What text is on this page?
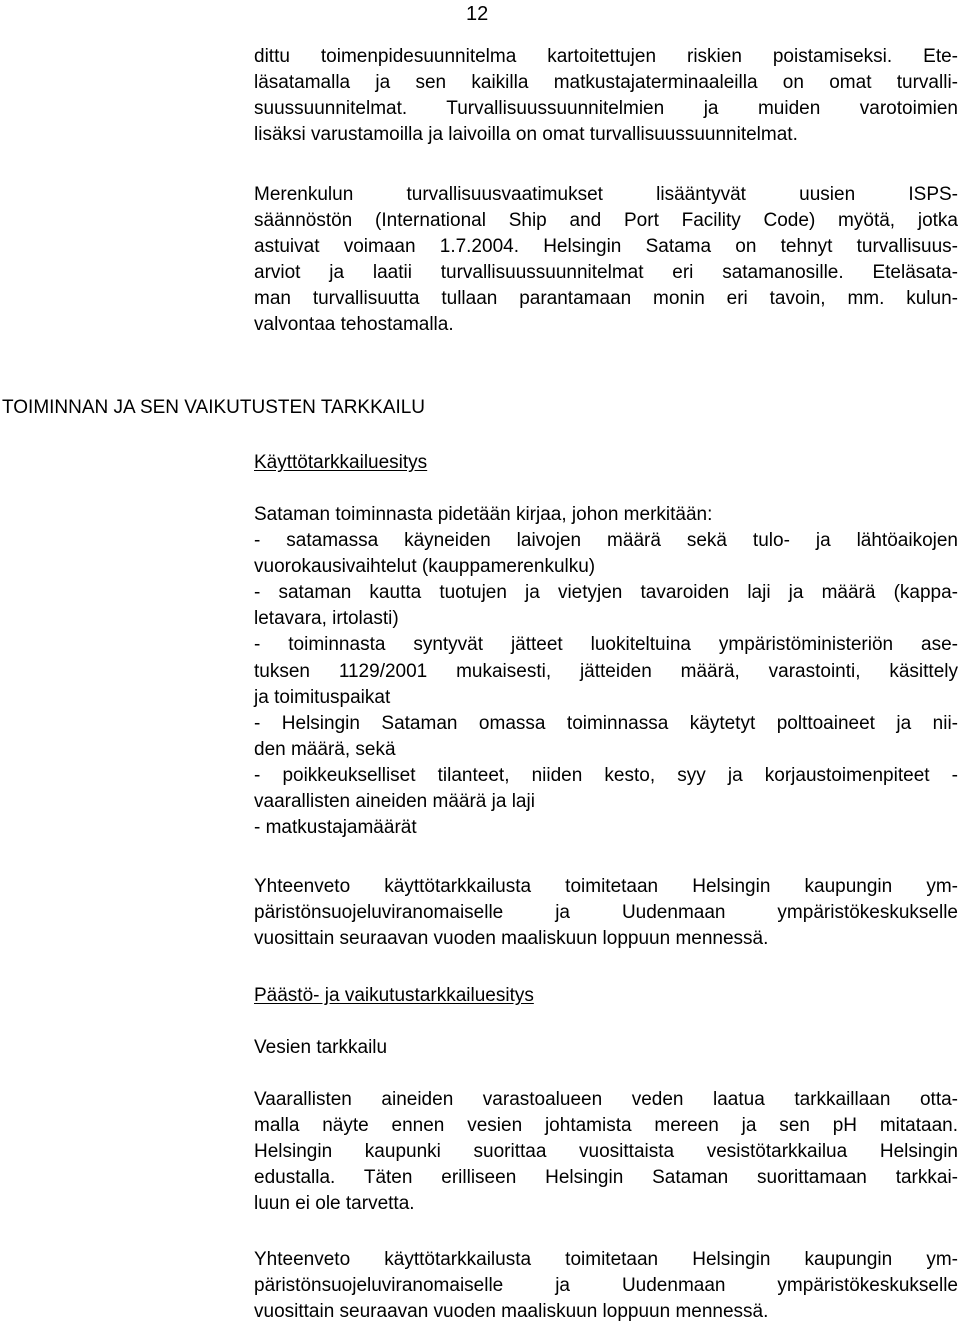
12
dittu toimenpidesuunnitelma kartoitettujen riskien poistamiseksi. Ete-
läsatamalla ja sen kaikilla matkustajaterminaaleilla on omat turvalli-
suussuunnitelmat. Turvallisuussuunnitelmien ja muiden varotoimien
lisäksi varustamoilla ja laivoilla on omat turvallisuussuunnitelmat.
Merenkulun turvallisuusvaatimukset lisääntyvät uusien ISPS-
säännöstön (International Ship and Port Facility Code) myötä, jotka
astuivat voimaan 1.7.2004. Helsingin Satama on tehnyt turvallisuus-
arviot ja laatii turvallisuussuunnitelmat eri satamanosille. Eteläsata-
man turvallisuutta tullaan parantamaan monin eri tavoin, mm. kulun-
valvontaa tehostamalla.
TOIMINNAN JA SEN VAIKUTUSTEN TARKKAILU

Käyttötarkkailuesitys

Sataman toiminnasta pidetään kirjaa, johon merkitään:
- satamassa käyneiden laivojen määrä sekä tulo- ja lähtöaikojen
vuorokausivaihtelut (kauppamerenkulku)
- sataman kautta tuotujen ja vietyjen tavaroiden laji ja määrä (kappa-
letavara, irtolasti)
- toiminnasta syntyvät jätteet luokiteltuina ympäristöministeriön ase-
tuksen 1129/2001 mukaisesti, jätteiden määrä, varastointi, käsittely
ja toimituspaikat
- Helsingin Sataman omassa toiminnassa käytetyt polttoaineet ja nii-
den määrä, sekä
- poikkeukselliset tilanteet, niiden kesto, syy ja korjaustoimenpiteet -
vaarallisten aineiden määrä ja laji
- matkustajamäärät
Yhteenveto käyttötarkkailusta toimitetaan Helsingin kaupungin ym-
päristönsuojeluviranomaiselle ja Uudenmaan ympäristökeskukselle
vuosittain seuraavan vuoden maaliskuun loppuun mennessä.

Päästö- ja vaikutustarkkailuesitys

Vesien tarkkailu

Vaarallisten aineiden varastoalueen veden laatua tarkkaillaan otta-
malla näyte ennen vesien johtamista mereen ja sen pH mitataan.
Helsingin kaupunki suorittaa vuosittaista vesistötarkkailua Helsingin
edustalla. Täten erilliseen Helsingin Sataman suorittamaan tarkkai-
luun ei ole tarvetta.
Yhteenveto käyttötarkkailusta toimitetaan Helsingin kaupungin ym-
päristönsuojeluviranomaiselle ja Uudenmaan ympäristökeskukselle
vuosittain seuraavan vuoden maaliskuun loppuun mennessä.
